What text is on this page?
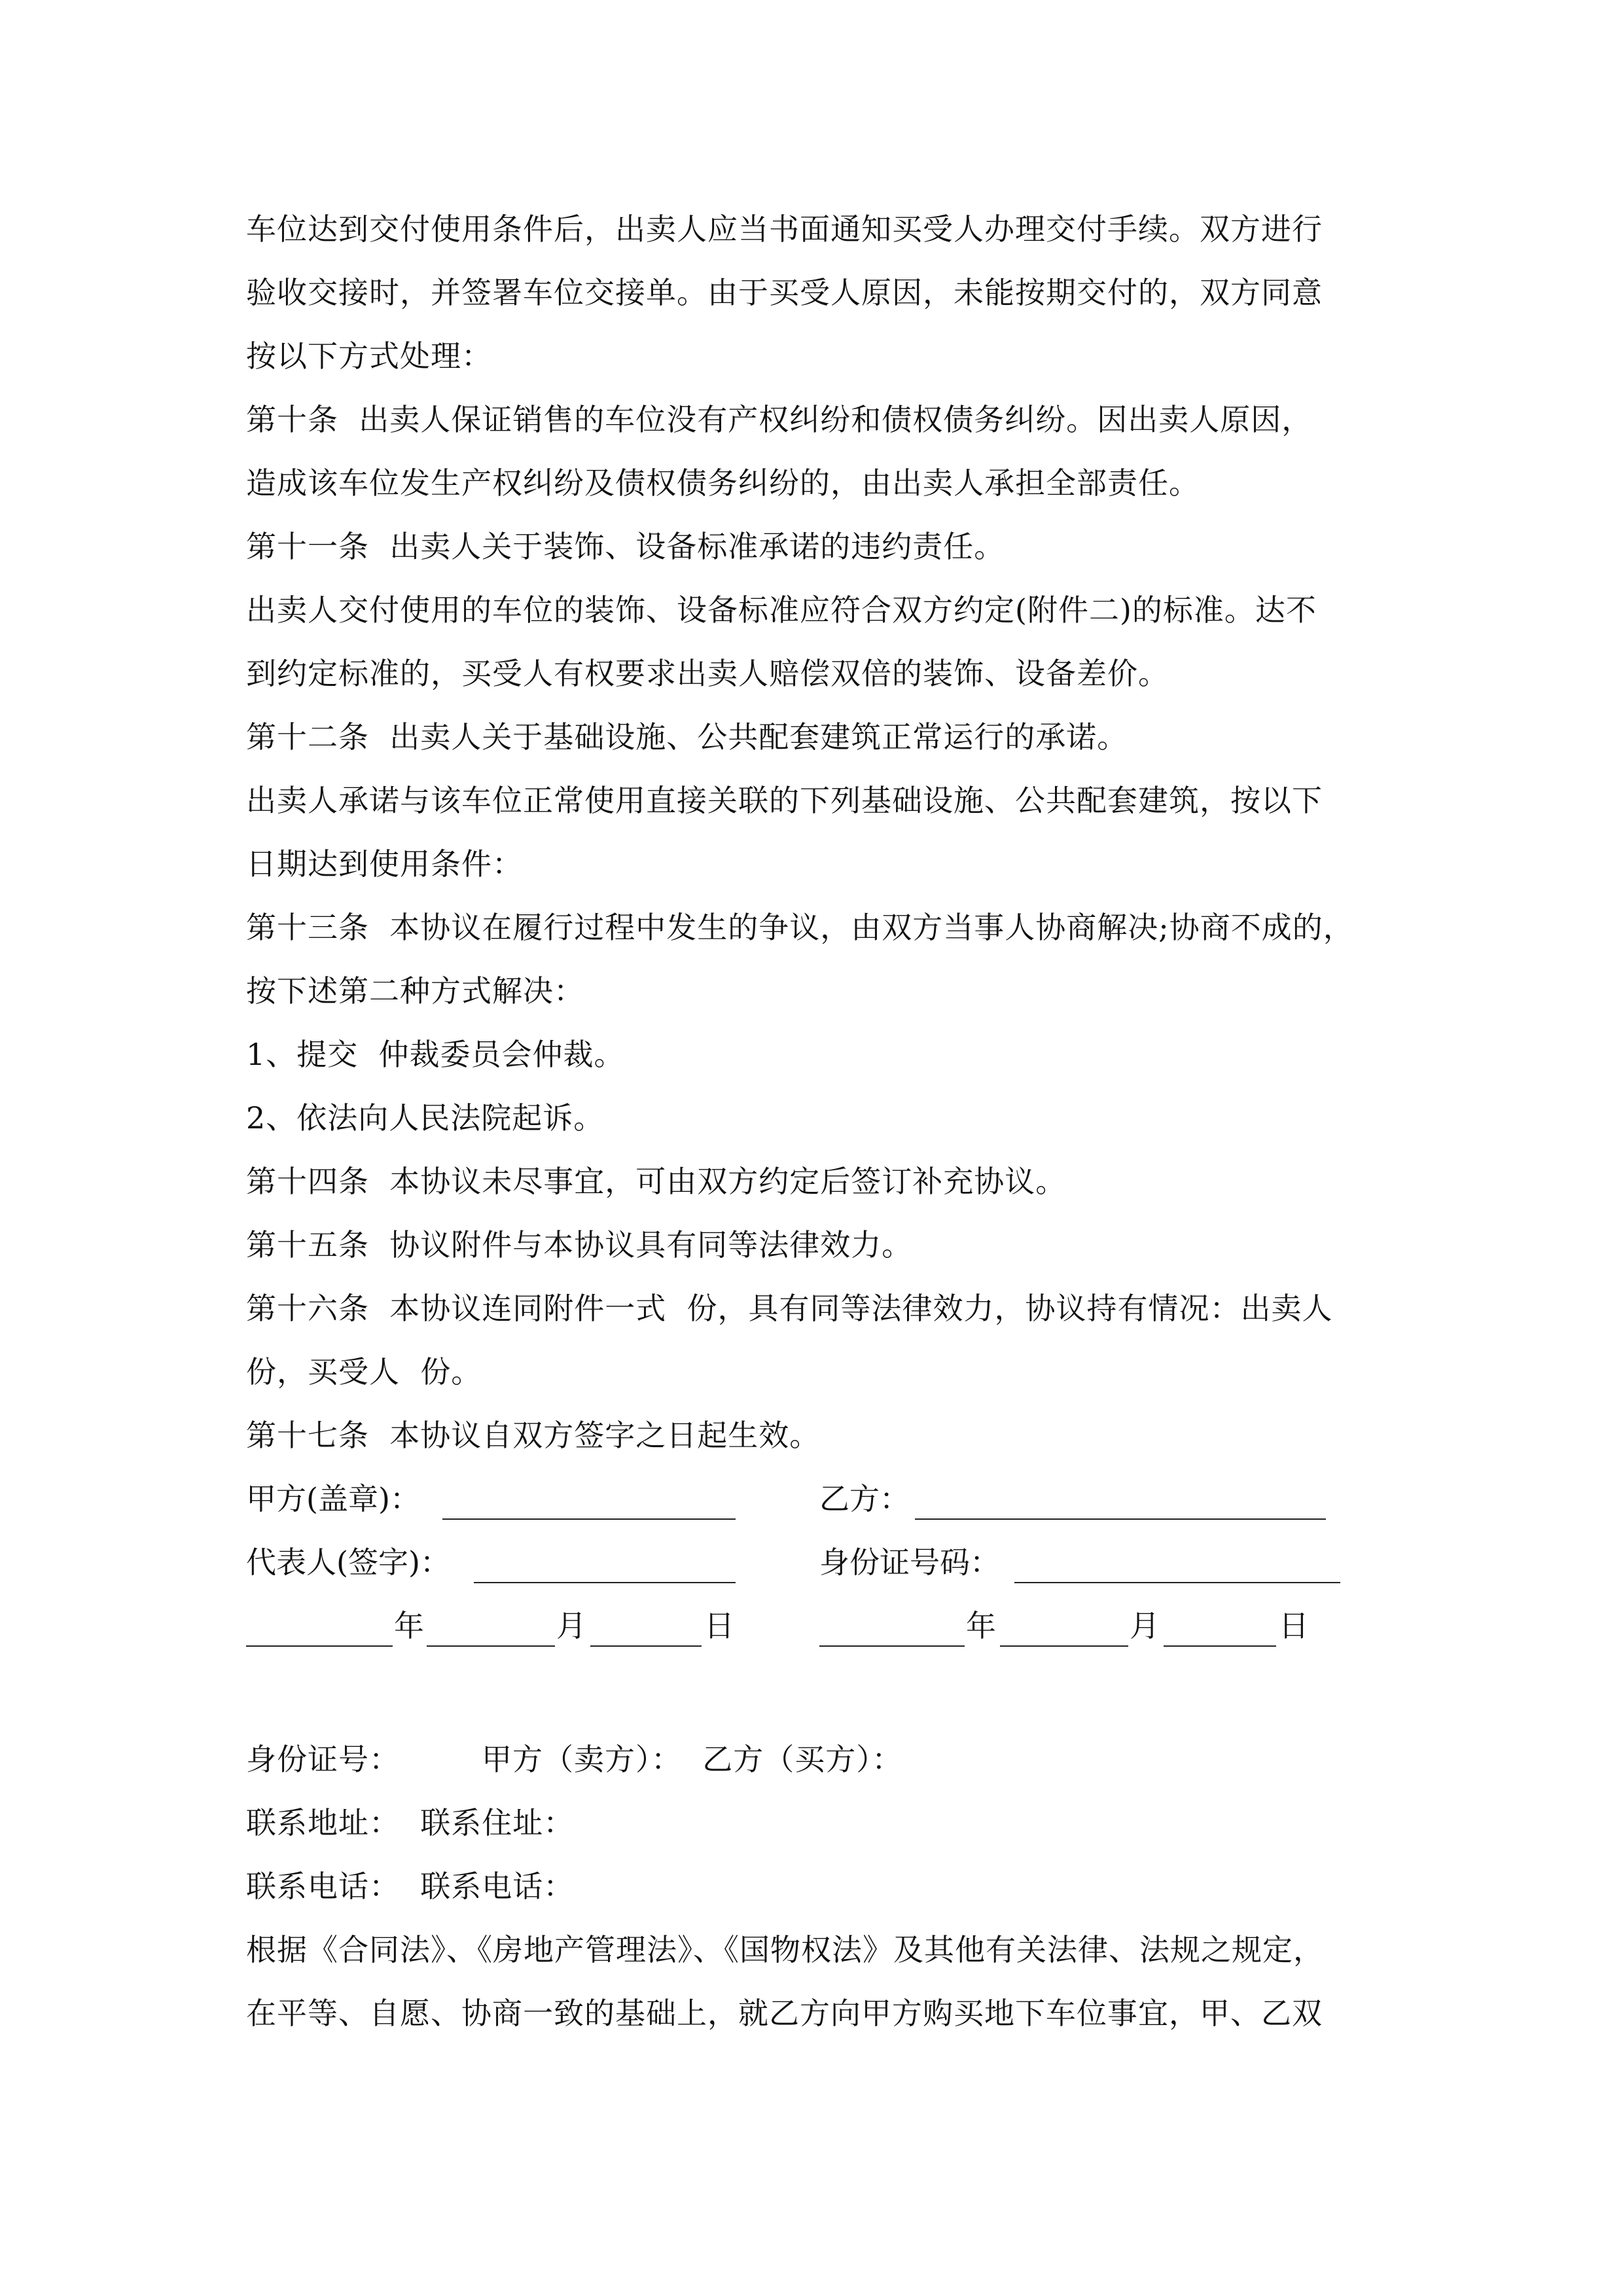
车位达到交付使用条件后，出卖人应当书面通知买受人办理交付手续。双方进行
验收交接时，并签署车位交接单。由于买受人原因，未能按期交付的，双方同意
按以下方式处理：
第十条  出卖人保证销售的车位没有产权纠纷和债权债务纠纷。因出卖人原因，
造成该车位发生产权纠纷及债权债务纠纷的，由出卖人承担全部责任。
第十一条  出卖人关于装饰、设备标准承诺的违约责任。
出卖人交付使用的车位的装饰、设备标准应符合双方约定(附件二)的标准。达不
到约定标准的，买受人有权要求出卖人赔偿双倍的装饰、设备差价。
第十二条  出卖人关于基础设施、公共配套建筑正常运行的承诺。
出卖人承诺与该车位正常使用直接关联的下列基础设施、公共配套建筑，按以下
日期达到使用条件：
第十三条  本协议在履行过程中发生的争议，由双方当事人协商解决;协商不成的，
按下述第二种方式解决：
1、提交  仲裁委员会仲裁。
2、依法向人民法院起诉。
第十四条  本协议未尽事宜，可由双方约定后签订补充协议。
第十五条  协议附件与本协议具有同等法律效力。
第十六条  本协议连同附件一式  份，具有同等法律效力，协议持有情况：出卖人
份，买受人  份。
第十七条  本协议自双方签字之日起生效。
甲方(盖章)：	乙方：
代表人(签字)：	身份证号码：
年	月	日	年	月	日
身份证号：        甲方（卖方）：  乙方（买方）：
联系地址：  联系住址：
联系电话：  联系电话：
根据《合同法》、《房地产管理法》、《国物权法》及其他有关法律、法规之规定，
在平等、自愿、协商一致的基础上，就乙方向甲方购买地下车位事宜，甲、乙双
